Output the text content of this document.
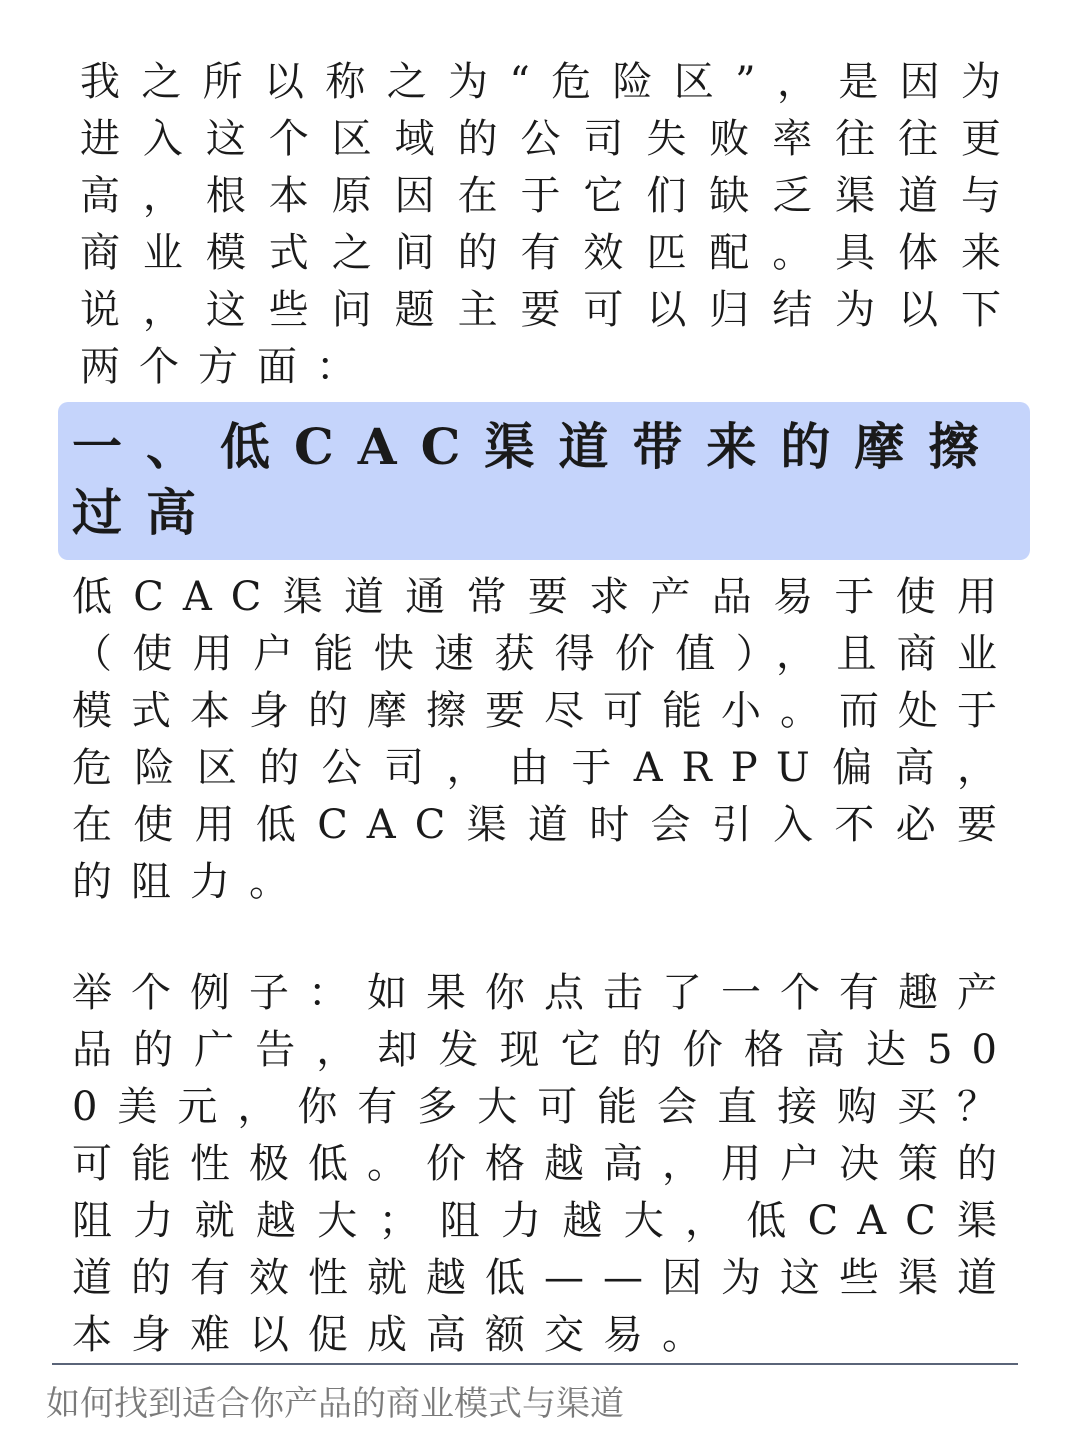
我之所以称之为“危险区”，是因为进入这个区域的公司失败率往往更高，根本原因在于它们缺乏渠道与商业模式之间的有效匹配。具体来说，这些问题主要可以归结为以下两个方面：

一、低CAC渠道带来的摩擦过高

低CAC渠道通常要求产品易于使用（使用户能快速获得价值），且商业模式本身的摩擦要尽可能小。而处于危险区的公司，由于ARPU偏高，在使用低CAC渠道时会引入不必要的阻力。

举个例子：如果你点击了一个有趣产品的广告，却发现它的价格高达500美元，你有多大可能会直接购买？可能性极低。价格越高，用户决策的阻力就越大；阻力越大，低CAC渠道的有效性就越低——因为这些渠道本身难以促成高额交易。

如何找到适合你产品的商业模式与渠道
